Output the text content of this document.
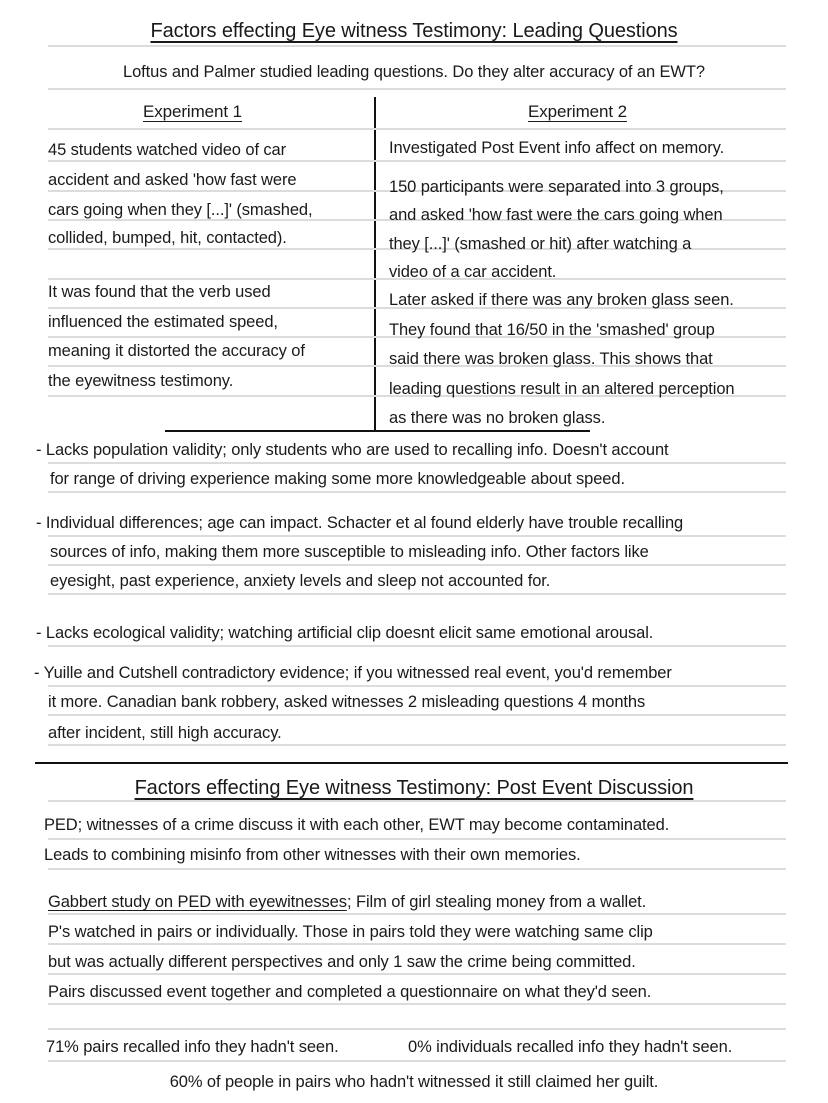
Factors effecting Eye witness Testimony: Leading Questions
Loftus and Palmer studied leading questions. Do they alter accuracy of an EWT?
Experiment 1	Experiment 2
45 students watched video of car
accident and asked 'how fast were
cars going when they [...]' (smashed,
collided, bumped, hit, contacted).
It was found that the verb used
influenced the estimated speed,
meaning it distorted the accuracy of
the eyewitness testimony.
Investigated Post Event info affect on memory.
150 participants were separated into 3 groups,
and asked 'how fast were the cars going when
they [...]' (smashed or hit) after watching a
video of a car accident.
Later asked if there was any broken glass seen.
They found that 16/50 in the 'smashed' group
said there was broken glass. This shows that
leading questions result in an altered perception
as there was no broken glass.
- Lacks population validity; only students who are used to recalling info. Doesn't account
for range of driving experience making some more knowledgeable about speed.
- Individual differences; age can impact. Schacter et al found elderly have trouble recalling
sources of info, making them more susceptible to misleading info. Other factors like
eyesight, past experience, anxiety levels and sleep not accounted for.
- Lacks ecological validity; watching artificial clip doesnt elicit same emotional arousal.
- Yuille and Cutshell contradictory evidence; if you witnessed real event, you'd remember
it more. Canadian bank robbery, asked witnesses 2 misleading questions 4 months
after incident, still high accuracy.
Factors effecting Eye witness Testimony: Post Event Discussion
PED; witnesses of a crime discuss it with each other, EWT may become contaminated.
Leads to combining misinfo from other witnesses with their own memories.
Gabbert study on PED with eyewitnesses ; Film of girl stealing money from a wallet.
P's watched in pairs or individually. Those in pairs told they were watching same clip
but was actually different perspectives and only 1 saw the crime being committed.
Pairs discussed event together and completed a questionnaire on what they'd seen.
71% pairs recalled info they hadn't seen.	0% individuals recalled info they hadn't seen.
60% of people in pairs who hadn't witnessed it still claimed her guilt.
